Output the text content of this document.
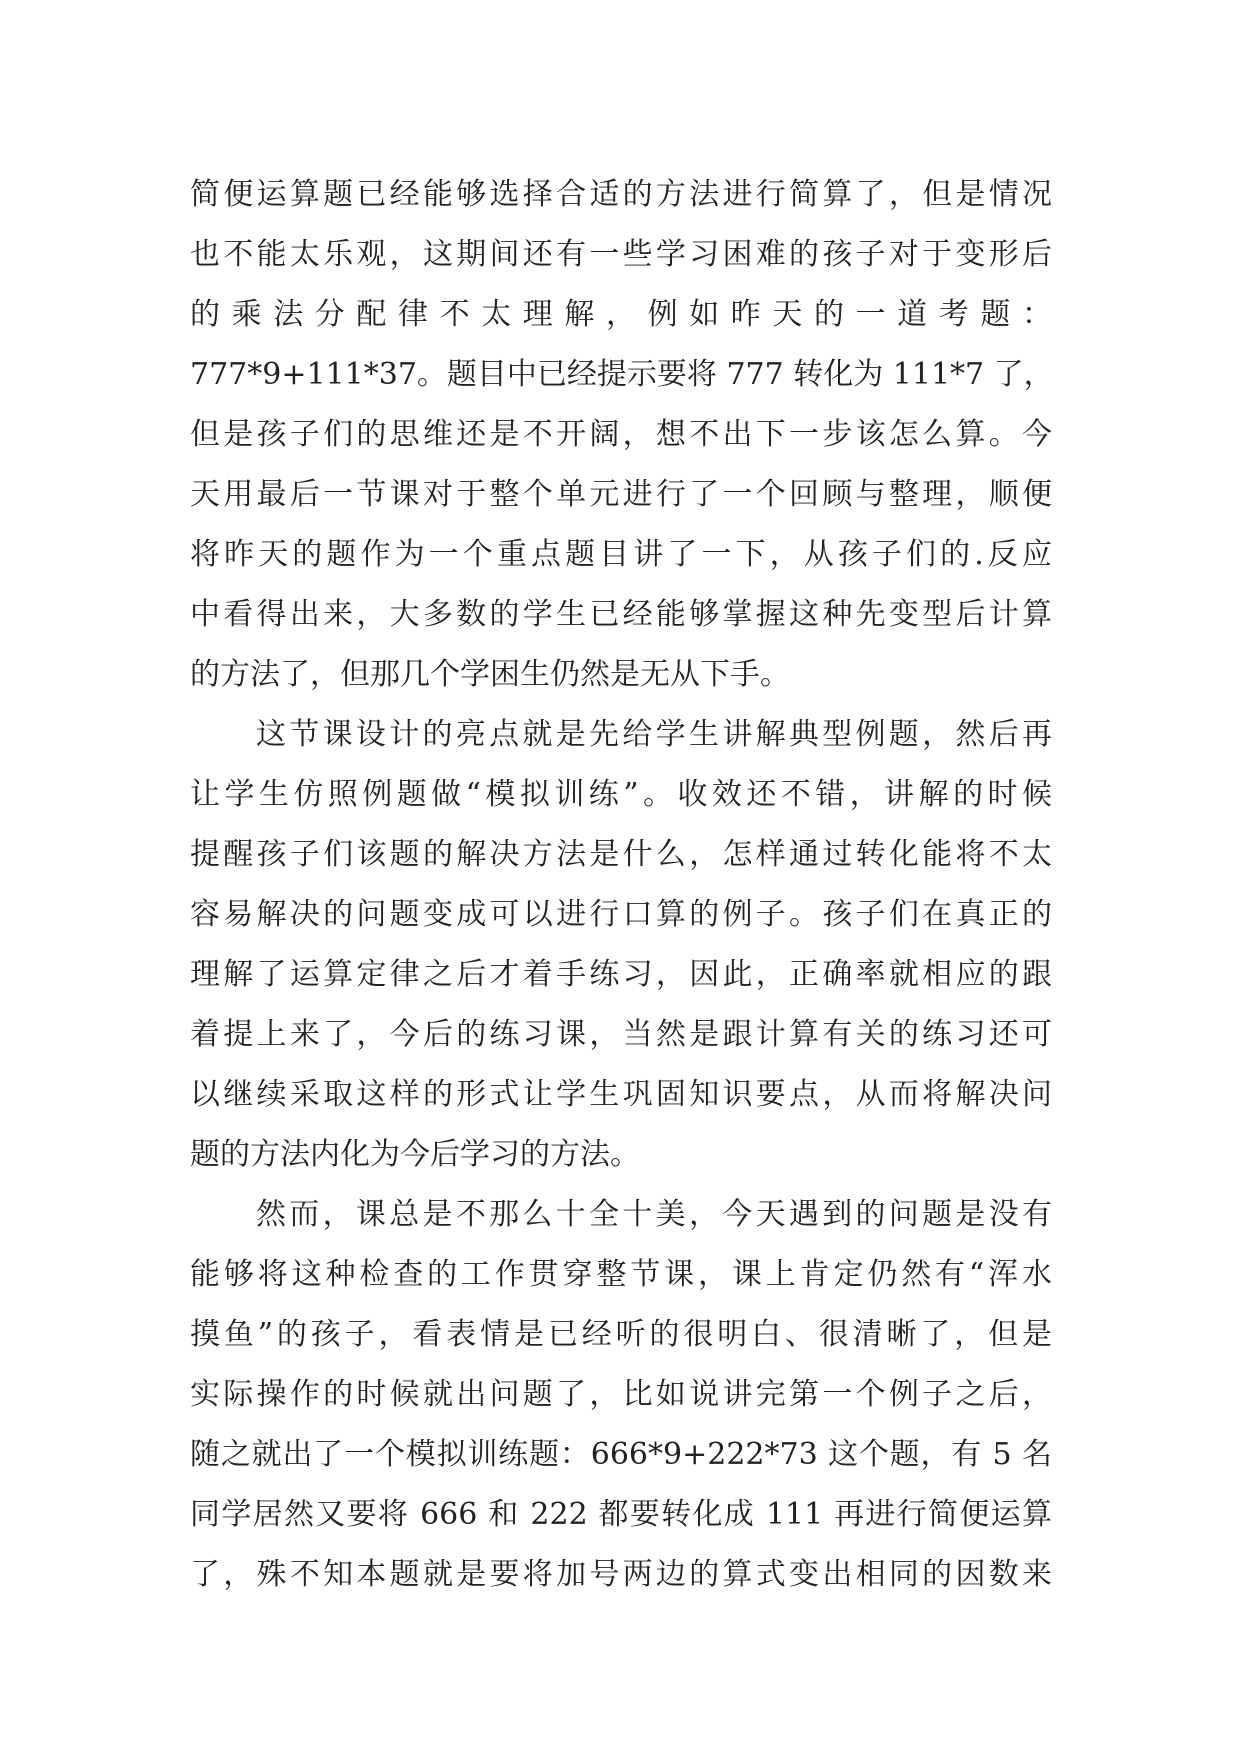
简便运算题已经能够选择合适的方法进行简算了，但是情况
也不能太乐观，这期间还有一些学习困难的孩子对于变形后
的乘法分配律不太理解，例如昨天的一道考题：
777*9+111*37。题目中已经提示要将 777 转化为 111*7 了，
但是孩子们的思维还是不开阔，想不出下一步该怎么算。今
天用最后一节课对于整个单元进行了一个回顾与整理，顺便
将昨天的题作为一个重点题目讲了一下，从孩子们的.反应
中看得出来，大多数的学生已经能够掌握这种先变型后计算
的方法了，但那几个学困生仍然是无从下手。
这节课设计的亮点就是先给学生讲解典型例题，然后再
让学生仿照例题做“模拟训练”。收效还不错，讲解的时候
提醒孩子们该题的解决方法是什么，怎样通过转化能将不太
容易解决的问题变成可以进行口算的例子。孩子们在真正的
理解了运算定律之后才着手练习，因此，正确率就相应的跟
着提上来了，今后的练习课，当然是跟计算有关的练习还可
以继续采取这样的形式让学生巩固知识要点，从而将解决问
题的方法内化为今后学习的方法。
然而，课总是不那么十全十美，今天遇到的问题是没有
能够将这种检查的工作贯穿整节课，课上肯定仍然有“浑水
摸鱼”的孩子，看表情是已经听的很明白、很清晰了，但是
实际操作的时候就出问题了，比如说讲完第一个例子之后，
随之就出了一个模拟训练题：666*9+222*73 这个题，有 5 名
同学居然又要将 666 和 222 都要转化成 111 再进行简便运算
了，殊不知本题就是要将加号两边的算式变出相同的因数来
